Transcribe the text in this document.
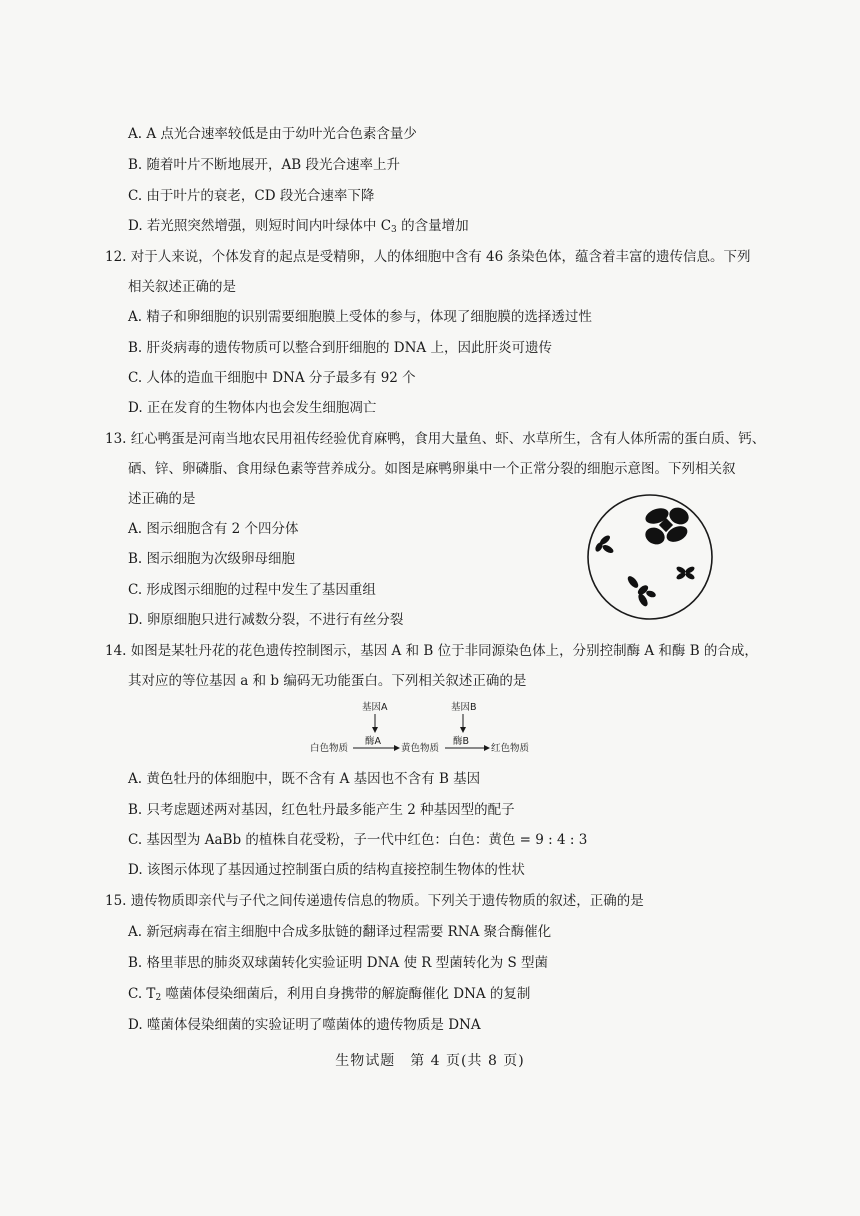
A. A 点光合速率较低是由于幼叶光合色素含量少
B. 随着叶片不断地展开，AB 段光合速率上升
C. 由于叶片的衰老，CD 段光合速率下降
D. 若光照突然增强，则短时间内叶绿体中 $C_3$ 的含量增加
12. 对于人来说，个体发育的起点是受精卵，人的体细胞中含有 46 条染色体，蕴含着丰富的遗传信息。下列
相关叙述正确的是
A. 精子和卵细胞的识别需要细胞膜上受体的参与，体现了细胞膜的选择透过性
B. 肝炎病毒的遗传物质可以整合到肝细胞的 DNA 上，因此肝炎可遗传
C. 人体的造血干细胞中 DNA 分子最多有 92 个
D. 正在发育的生物体内也会发生细胞凋亡
13. 红心鸭蛋是河南当地农民用祖传经验优育麻鸭，食用大量鱼、虾、水草所生，含有人体所需的蛋白质、钙、
硒、锌、卵磷脂、食用绿色素等营养成分。如图是麻鸭卵巢中一个正常分裂的细胞示意图。下列相关叙
述正确的是
A. 图示细胞含有 2 个四分体
B. 图示细胞为次级卵母细胞
C. 形成图示细胞的过程中发生了基因重组
D. 卵原细胞只进行减数分裂，不进行有丝分裂
14. 如图是某牡丹花的花色遗传控制图示，基因 A 和 B 位于非同源染色体上，分别控制酶 A 和酶 B 的合成，
其对应的等位基因 a 和 b 编码无功能蛋白。下列相关叙述正确的是
基因A	基因B
酶A	酶B
白色物质	黄色物质	红色物质
A. 黄色牡丹的体细胞中，既不含有 A 基因也不含有 B 基因
B. 只考虑题述两对基因，红色牡丹最多能产生 2 种基因型的配子
C. 基因型为 AaBb 的植株自花受粉，子一代中红色：白色：黄色 = 9 : 4 : 3
D. 该图示体现了基因通过控制蛋白质的结构直接控制生物体的性状
15. 遗传物质即亲代与子代之间传递遗传信息的物质。下列关于遗传物质的叙述，正确的是
A. 新冠病毒在宿主细胞中合成多肽链的翻译过程需要 RNA 聚合酶催化
B. 格里菲思的肺炎双球菌转化实验证明 DNA 使 R 型菌转化为 S 型菌
C. $T_2$ 噬菌体侵染细菌后，利用自身携带的解旋酶催化 DNA 的复制
D. 噬菌体侵染细菌的实验证明了噬菌体的遗传物质是 DNA
生物试题　第 4 页(共 8 页)
